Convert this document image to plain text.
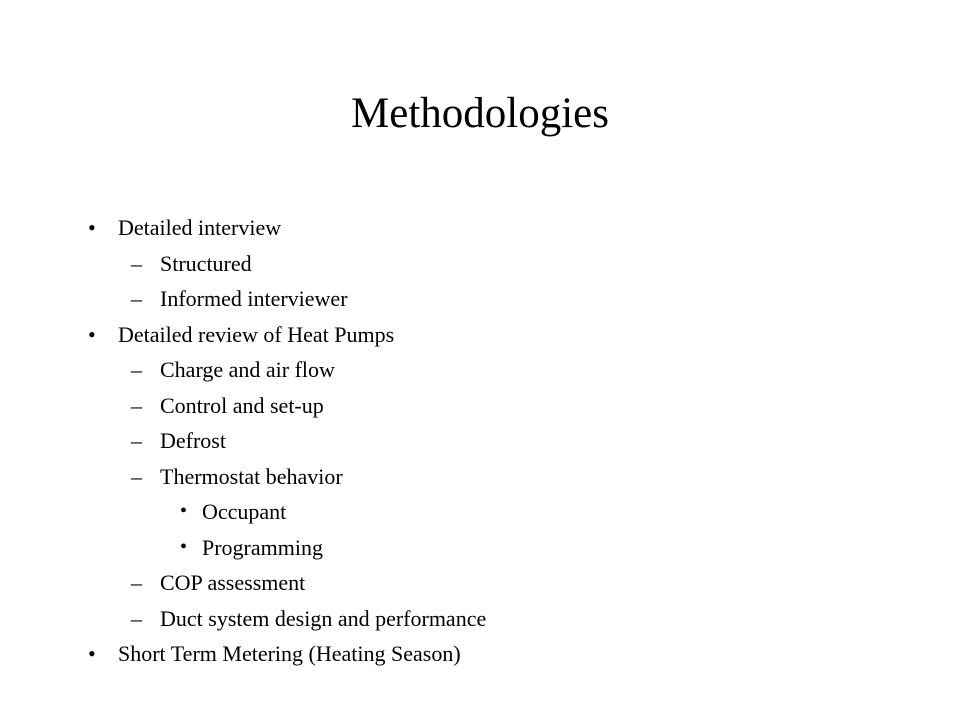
Methodologies
• Detailed interview
– Structured
– Informed interviewer
• Detailed review of Heat Pumps
– Charge and air flow
– Control and set-up
– Defrost
– Thermostat behavior
• Occupant
• Programming
– COP assessment
– Duct system design and performance
• Short Term Metering (Heating Season)
